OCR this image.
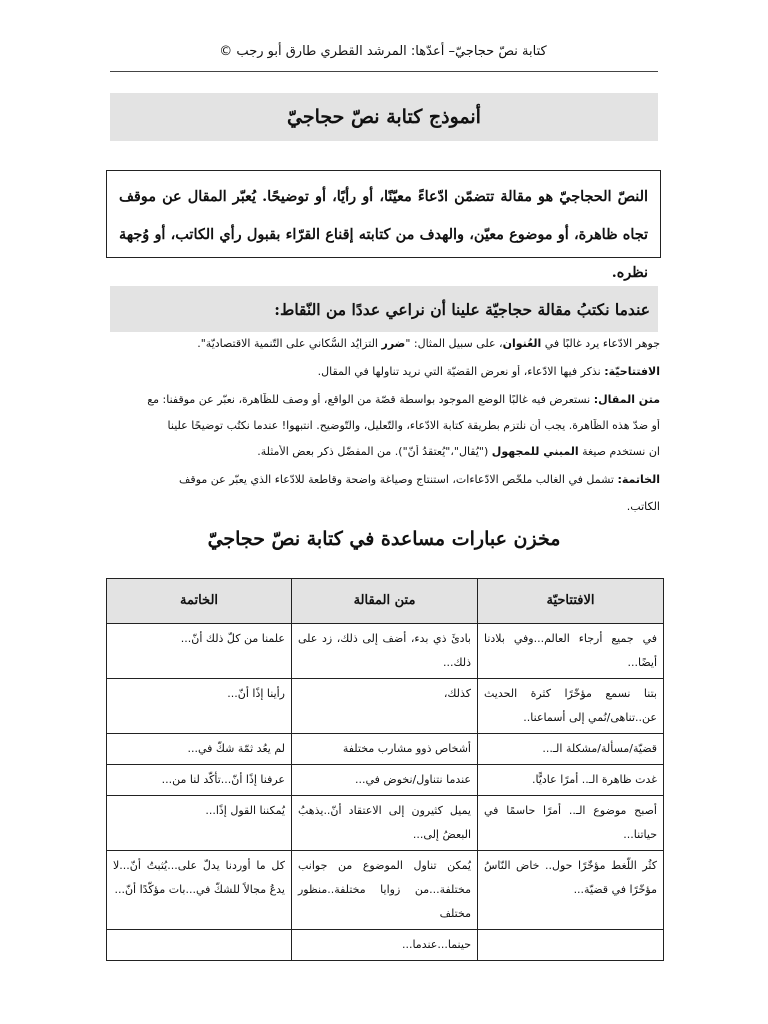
كتابة نصّ حجاجيّ– أعدّها: المرشد القطري طارق أبو رجب ©
أنموذج كتابة نصّ حجاجيّ
النصّ الحجاجيّ هو مقالة تتضمّن ادّعاءً معيّنًا، أو رأيًا، أو توضيحًا. يُعبّر المقال عن موقف تجاه ظاهرة، أو موضوع معيّن، والهدف من كتابته إقناع القرّاء بقبول رأي الكاتب، أو وُجهة نظره.
عندما نكتبُ مقالة حجاجيّة علينا أن نراعي عددًا من النّقاط:
جوهر الادّعاء يرد غالبًا في العُنوان، على سبيل المثال: "ضرر التزايُد السُّكاني على التّنمية الاقتصاديّة".
الافتتاحيّة: نذكر فيها الادّعاء، أو نعرض القضيّة التي نريد تناولها في المقال.
متن المقال: نستعرض فيه غالبًا الوضع الموجود بواسطة قصّة من الواقع، أو وصف للظّاهرة، نعبّر عن موقفنا: مع
أو ضدّ هذه الظّاهرة. يجب أن نلتزم بطريقة كتابة الادّعاء، والتّعليل، والتّوضيح. انتبهوا! عندما نكتُب توضيحًا علينا
ان نستخدم صيغة المبني للمجهول ("يُقال"،"يُعتقدُ أنّ"). من المفضّل ذكر بعض الأمثلة.
الخاتمة: تشمل في الغالب ملخّص الادّعاءات، استنتاج وصياغة واضحة وقاطعة للادّعاء الذي يعبّر عن موقف
الكاتب.
مخزن عبارات مساعدة في كتابة نصّ حجاجيّ
الافتتاحيّة	متن المقالة	الخاتمة
في جميع أرجاء العالم...وفي بلادنا أيضًا...	بادئَ ذي بدء، أضف إلى ذلك، زد على ذلك...	علمنا من كلّ ذلك أنّ...
بتنا نسمع مؤخّرًا كثرة الحديث عن..تناهى/نُمي إلى أسماعنا..	كذلك،	رأينا إذًا أنّ...
قضيّة/مسألة/مشكلة الـ...	أشخاص ذوو مشارب مختلفة	لم يعُد ثمّة شكّ في...
غدت ظاهرة الـ.. أمرًا عاديًّا.	عندما نتناول/نخوض في...	عرفنا إذًا أنّ...تأكّد لنا من...
أصبح موضوع الـ.. أمرًا حاسمًا في حياتنا...	يميل كثيرون إلى الاعتقاد أنّ..يذهبُ البعضُ إلى...	يُمكننا القول إذًا...
كثُر اللّغط مؤخّرًا حول.. خاض النّاسُ مؤخّرًا في قضيّة...	يُمكن تناول الموضوع من جوانب مختلفة...من زوايا مختلفة..منظور مختلف	كل ما أوردنا يدلّ على...يُثبتُ أنّ...لا يدعُ مجالاً للشكّ في...بات مؤكّدًا أنّ...
	حينما...عندما...	
